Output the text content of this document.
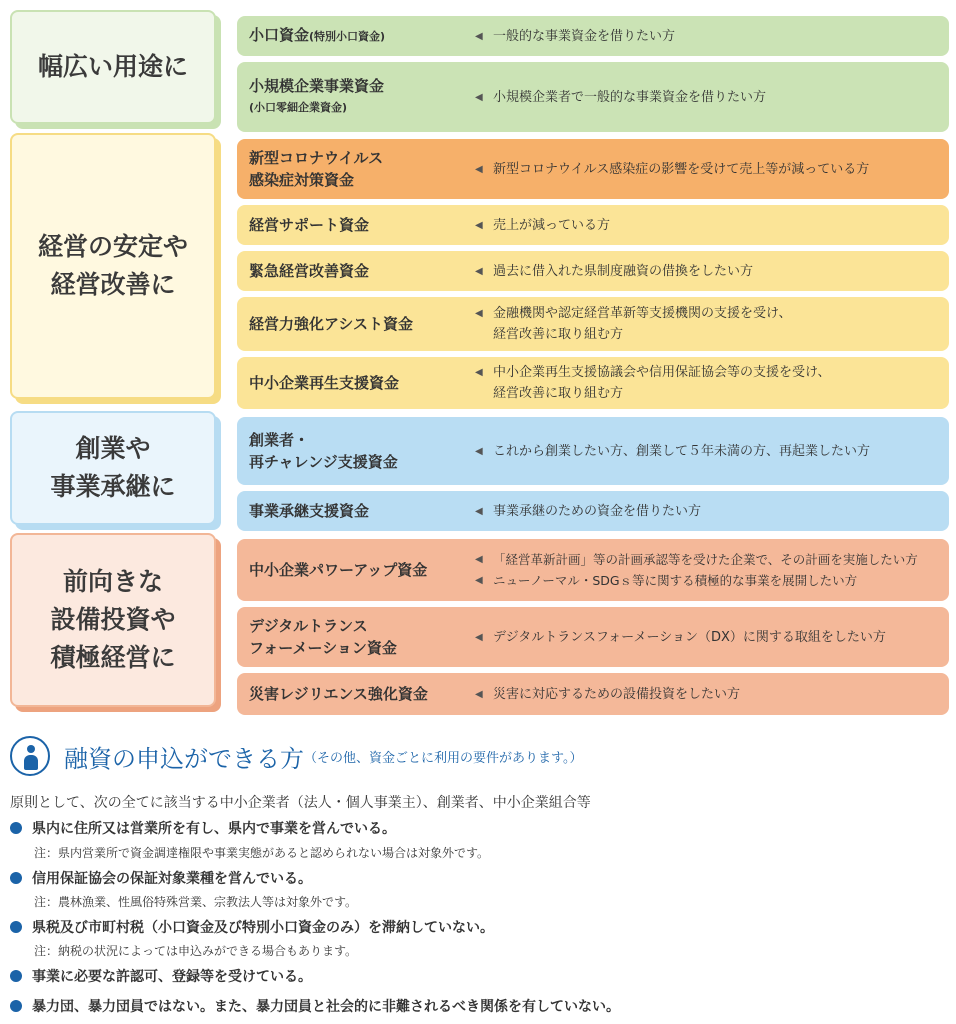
幅広い用途に
小口資金(特別小口資金)	◀ 一般的な事業資金を借りたい方
小規模企業事業資金
(小口零細企業資金)
◀ 小規模企業者で一般的な事業資金を借りたい方
経営の安定や
経営改善に
新型コロナウイルス
感染症対策資金
◀ 新型コロナウイルス感染症の影響を受けて売上等が減っている方
経営サポート資金	◀ 売上が減っている方
緊急経営改善資金	◀ 過去に借入れた県制度融資の借換をしたい方
経営力強化アシスト資金
◀ 金融機関や認定経営革新等支援機関の支援を受け、
経営改善に取り組む方
中小企業再生支援資金
◀ 中小企業再生支援協議会や信用保証協会等の支援を受け、
経営改善に取り組む方
創業や
事業承継に
創業者・
再チャレンジ支援資金
◀ これから創業したい方、創業して５年未満の方、再起業したい方
事業承継支援資金	◀ 事業承継のための資金を借りたい方
前向きな
設備投資や
積極経営に
中小企業パワーアップ資金
◀ 「経営革新計画」等の計画承認等を受けた企業で、その計画を実施したい方
◀ ニューノーマル・SDGｓ等に関する積極的な事業を展開したい方
デジタルトランス
フォーメーション資金
◀ デジタルトランスフォーメーション（DX）に関する取組をしたい方
災害レジリエンス強化資金	◀ 災害に対応するための設備投資をしたい方
融資の申込ができる方 （その他、資金ごとに利用の要件があります。）
原則として、次の全てに該当する中小企業者（法人・個人事業主）、創業者、中小企業組合等
県内に住所又は営業所を有し、県内で事業を営んでいる。
注：県内営業所で資金調達権限や事業実態があると認められない場合は対象外です。
信用保証協会の保証対象業種を営んでいる。
注：農林漁業、性風俗特殊営業、宗教法人等は対象外です。
県税及び市町村税（小口資金及び特別小口資金のみ）を滞納していない。
注：納税の状況によっては申込みができる場合もあります。
事業に必要な許認可、登録等を受けている。
暴力団、暴力団員ではない。また、暴力団員と社会的に非難されるべき関係を有していない。
